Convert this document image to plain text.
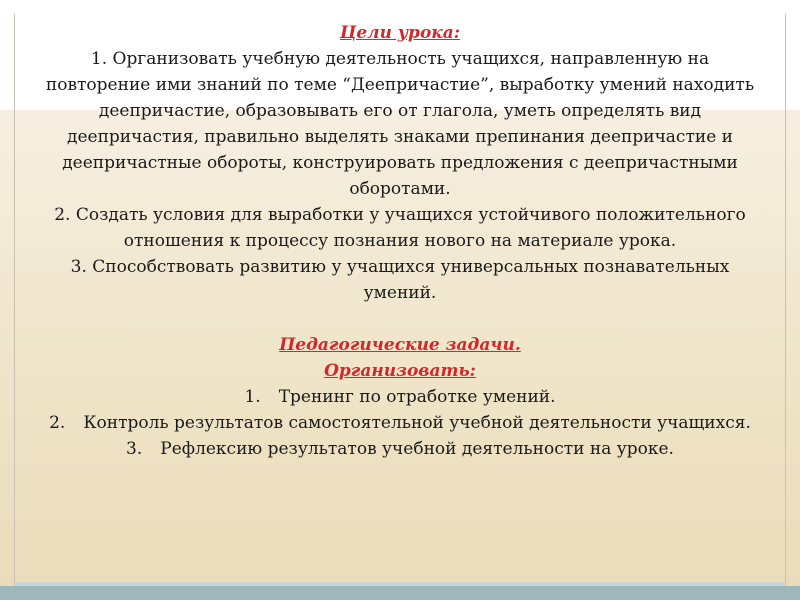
Цели урока:

1. Организовать учебную деятельность учащихся, направленную на повторение ими знаний по теме “Деепричастие”, выработку умений находить деепричастие, образовывать его от глагола, уметь определять вид деепричастия, правильно выделять знаками препинания деепричастие и деепричастные обороты, конструировать предложения с деепричастными оборотами.

2. Создать условия для выработки у учащихся устойчивого положительного отношения к процессу познания нового на материале урока.

3. Способствовать развитию у учащихся универсальных познавательных умений.

Педагогические задачи.
Организовать:
1. Тренинг по отработке умений.
2. Контроль результатов самостоятельной учебной деятельности учащихся.
3. Рефлексию результатов учебной деятельности на уроке.
